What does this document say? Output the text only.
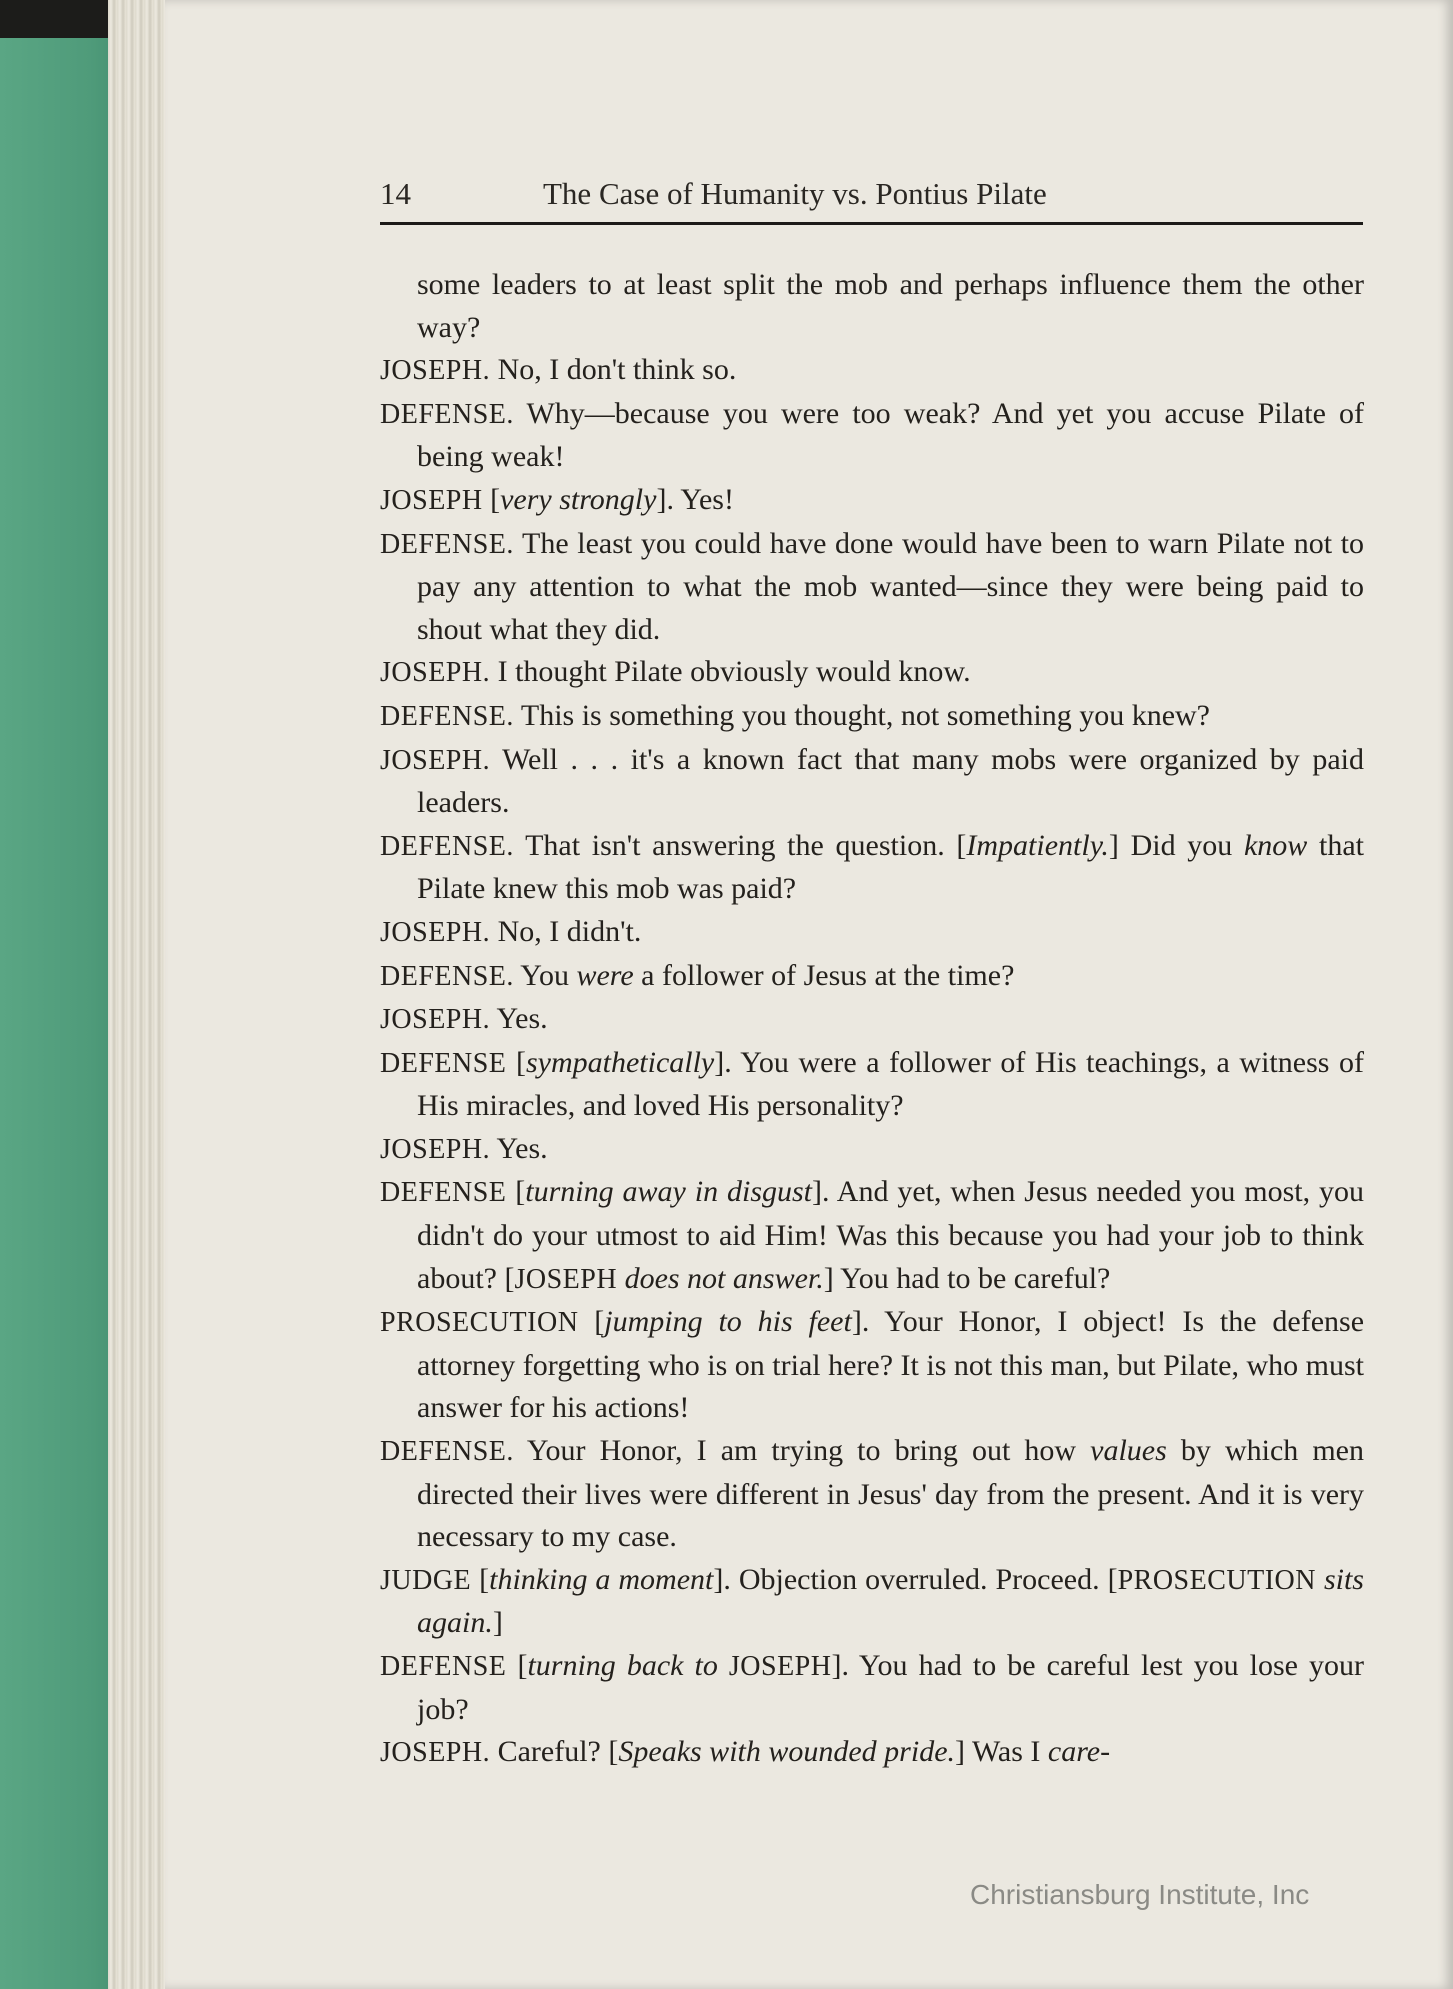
14	The Case of Humanity vs. Pontius Pilate
some leaders to at least split the mob and perhaps influence them the other way?
JOSEPH. No, I don't think so.
DEFENSE. Why—because you were too weak? And yet you accuse Pilate of being weak!
JOSEPH [very strongly]. Yes!
DEFENSE. The least you could have done would have been to warn Pilate not to pay any attention to what the mob wanted—since they were being paid to shout what they did.
JOSEPH. I thought Pilate obviously would know.
DEFENSE. This is something you thought, not something you knew?
JOSEPH. Well . . . it's a known fact that many mobs were organized by paid leaders.
DEFENSE. That isn't answering the question. [Impatiently.] Did you know that Pilate knew this mob was paid?
JOSEPH. No, I didn't.
DEFENSE. You were a follower of Jesus at the time?
JOSEPH. Yes.
DEFENSE [sympathetically]. You were a follower of His teachings, a witness of His miracles, and loved His personality?
JOSEPH. Yes.
DEFENSE [turning away in disgust]. And yet, when Jesus needed you most, you didn't do your utmost to aid Him! Was this because you had your job to think about? [JOSEPH does not answer.] You had to be careful?
PROSECUTION [jumping to his feet]. Your Honor, I object! Is the defense attorney forgetting who is on trial here? It is not this man, but Pilate, who must answer for his actions!
DEFENSE. Your Honor, I am trying to bring out how values by which men directed their lives were different in Jesus' day from the present. And it is very necessary to my case.
JUDGE [thinking a moment]. Objection overruled. Proceed. [PROSECUTION sits again.]
DEFENSE [turning back to JOSEPH]. You had to be careful lest you lose your job?
JOSEPH. Careful? [Speaks with wounded pride.] Was I care-
Christiansburg Institute, Inc
